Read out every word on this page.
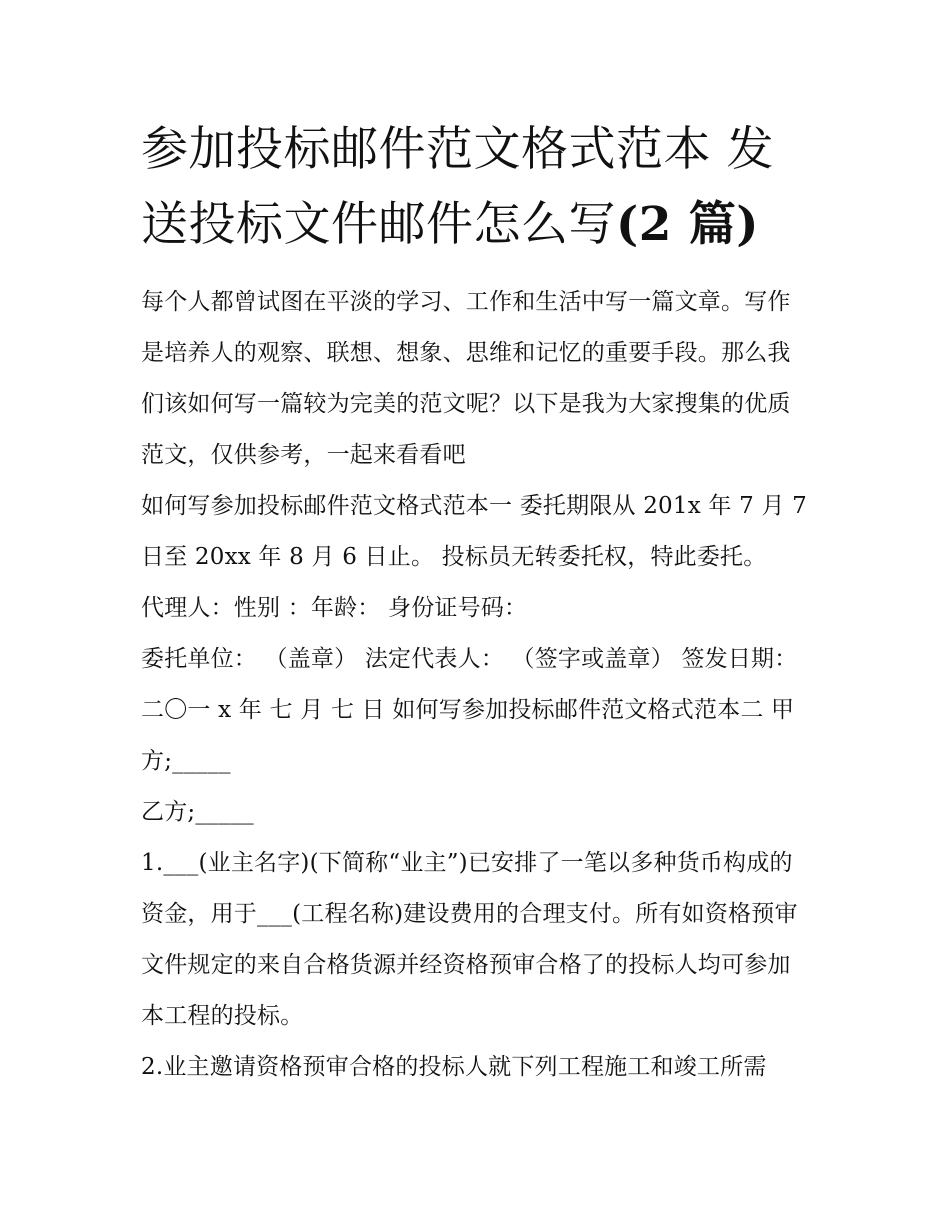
参加投标邮件范文格式范本 发送投标文件邮件怎么写(2 篇)

每个人都曾试图在平淡的学习、工作和生活中写一篇文章。写作是培养人的观察、联想、想象、思维和记忆的重要手段。那么我们该如何写一篇较为完美的范文呢？以下是我为大家搜集的优质范文，仅供参考，一起来看看吧

如何写参加投标邮件范文格式范本一 委托期限从 201x 年 7 月 7 日至 20xx 年 8 月 6 日止。 投标员无转委托权，特此委托。

代理人：性别 ：年龄： 身份证号码：

委托单位： （盖章） 法定代表人： （签字或盖章） 签发日期： 二〇一 x 年 七 月 七 日 如何写参加投标邮件范文格式范本二 甲方;_____

乙方;_____

1.___(业主名字)(下简称“业主”)已安排了一笔以多种货币构成的资金，用于___(工程名称)建设费用的合理支付。所有如资格预审文件规定的来自合格货源并经资格预审合格了的投标人均可参加本工程的投标。

2.业主邀请资格预审合格的投标人就下列工程施工和竣工所需
